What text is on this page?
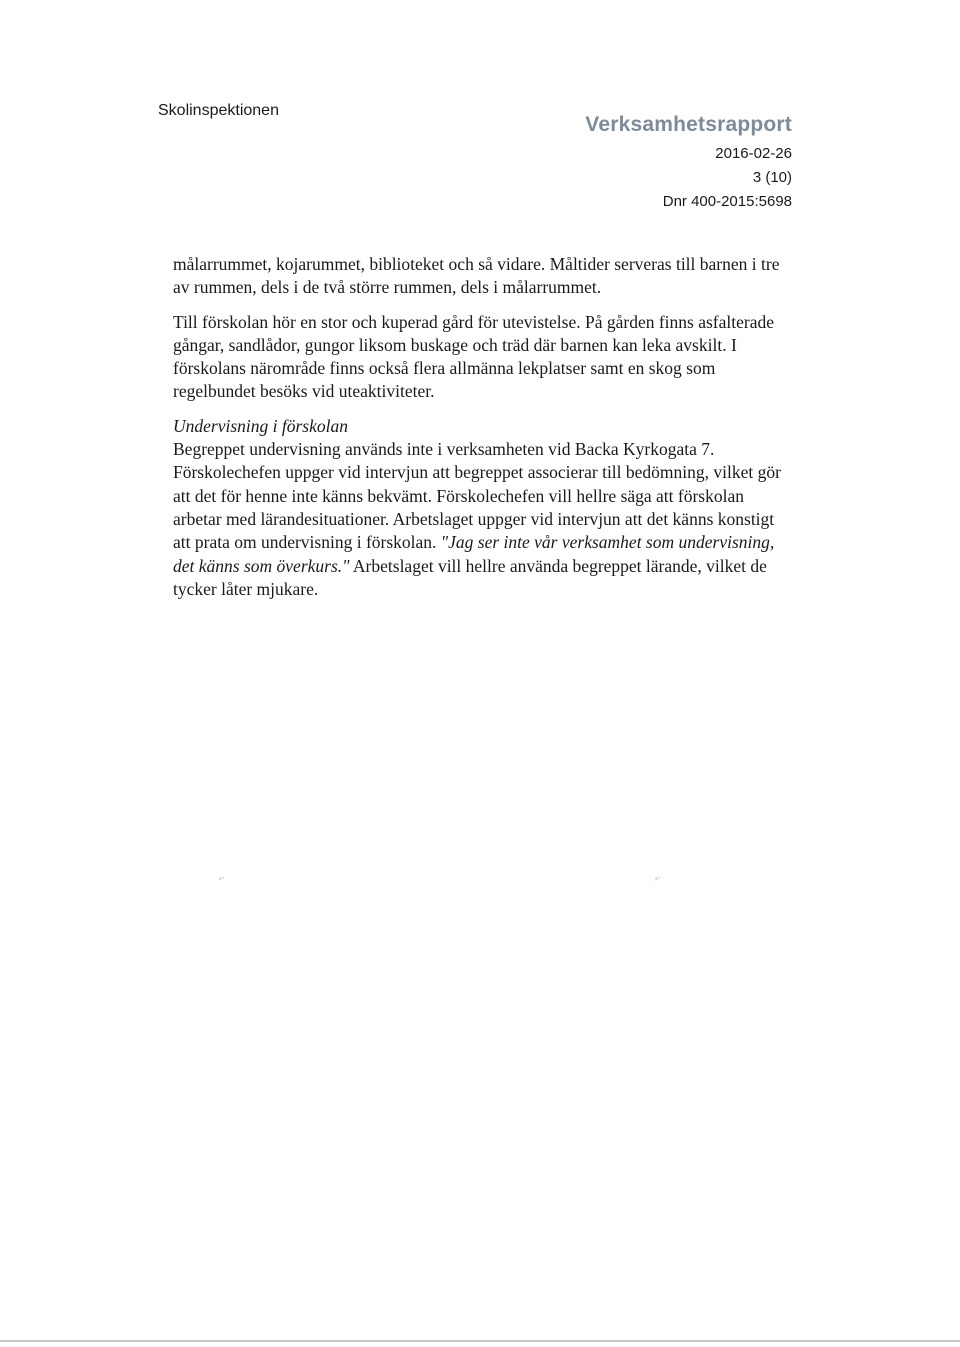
Skolinspektionen
Verksamhetsrapport
2016-02-26
3 (10)
Dnr 400-2015:5698

målarrummet, kojarummet, biblioteket och så vidare. Måltider serveras till barnen i tre av rummen, dels i de två större rummen, dels i målarrummet.

Till förskolan hör en stor och kuperad gård för utevistelse. På gården finns asfalterade gångar, sandlådor, gungor liksom buskage och träd där barnen kan leka avskilt. I förskolans närområde finns också flera allmänna lekplatser samt en skog som regelbundet besöks vid uteaktiviteter.

Undervisning i förskolan

Begreppet undervisning används inte i verksamheten vid Backa Kyrkogata 7. Förskolechefen uppger vid intervjun att begreppet associerar till bedömning, vilket gör att det för henne inte känns bekvämt. Förskolechefen vill hellre säga att förskolan arbetar med lärandesituationer. Arbetslaget uppger vid intervjun att det känns konstigt att prata om undervisning i förskolan. "Jag ser inte vår verksamhet som undervisning, det känns som överkurs." Arbetslaget vill hellre använda begreppet lärande, vilket de tycker låter mjukare.

⸗·	⸗·
